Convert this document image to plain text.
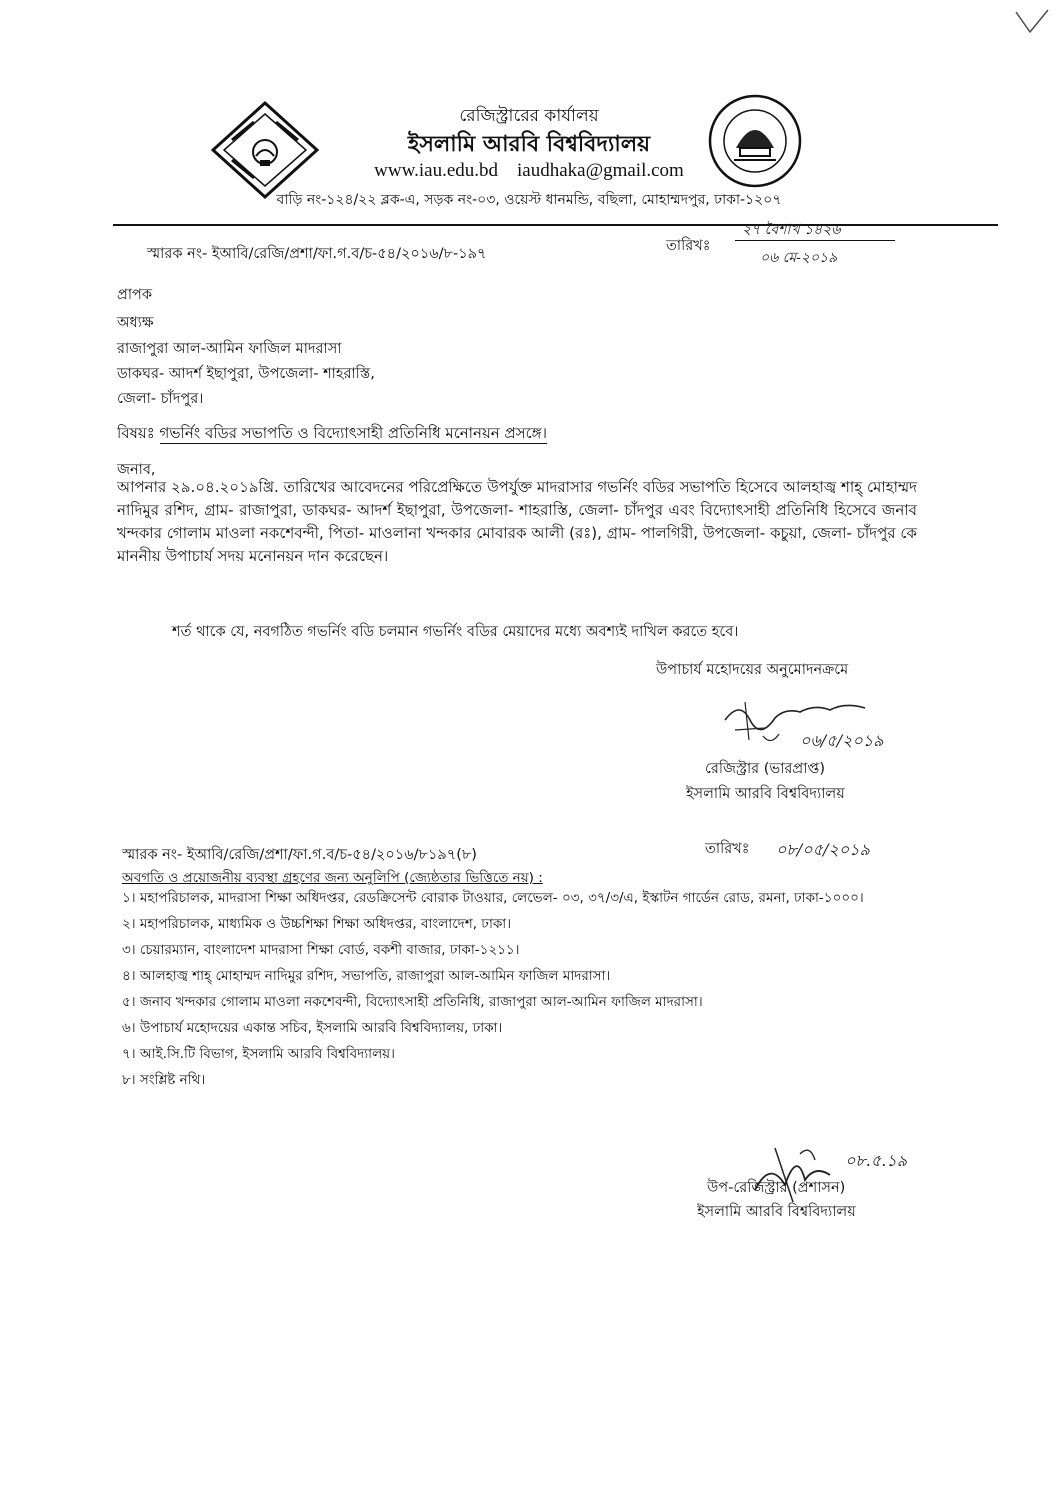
রেজিস্ট্রারের কার্যালয়
ইসলামি আরবি বিশ্ববিদ্যালয়
www.iau.edu.bd iaudhaka@gmail.com
বাড়ি নং-১২৪/২২ ব্লক-এ, সড়ক নং-০৩, ওয়েস্ট ধানমন্ডি, বছিলা, মোহাম্মদপুর, ঢাকা-১২০৭
স্মারক নং- ইআবি/রেজি/প্রশা/ফা.গ.ব/চ-৫৪/২০১৬/৮-১৯৭	তারিখঃ
২৭ বৈশাখ ১৪২৬
০৬ মে-২০১৯
প্রাপক
অধ্যক্ষ
রাজাপুরা আল-আমিন ফাজিল মাদরাসা
ডাকঘর- আদর্শ ইছাপুরা, উপজেলা- শাহরাস্তি,
জেলা- চাঁদপুর।
বিষয়ঃ গভর্নিং বডির সভাপতি ও বিদ্যোৎসাহী প্রতিনিধি মনোনয়ন প্রসঙ্গে।
জনাব,
আপনার ২৯.০৪.২০১৯খ্রি. তারিখের আবেদনের পরিপ্রেক্ষিতে উপর্যুক্ত মাদরাসার গভর্নিং বডির সভাপতি হিসেবে আলহাজ্ব শাহ্‌ মোহাম্মদ নাদিমুর রশিদ, গ্রাম- রাজাপুরা, ডাকঘর- আদর্শ ইছাপুরা, উপজেলা- শাহরাস্তি, জেলা- চাঁদপুর এবং বিদ্যোৎসাহী প্রতিনিধি হিসেবে জনাব খন্দকার গোলাম মাওলা নকশেবন্দী, পিতা- মাওলানা খন্দকার মোবারক আলী (রঃ), গ্রাম- পালগিরী, উপজেলা- কচুয়া, জেলা- চাঁদপুর কে মাননীয় উপাচার্য সদয় মনোনয়ন দান করেছেন।
শর্ত থাকে যে, নবগঠিত গভর্নিং বডি চলমান গভর্নিং বডির মেয়াদের মধ্যে অবশ্যই দাখিল করতে হবে।
উপাচার্য মহোদয়ের অনুমোদনক্রমে
০৬/৫/২০১৯
রেজিস্ট্রার (ভারপ্রাপ্ত)
ইসলামি আরবি বিশ্ববিদ্যালয়
স্মারক নং- ইআবি/রেজি/প্রশা/ফা.গ.ব/চ-৫৪/২০১৬/৮১৯৭(৮)	তারিখঃ ০৮/০৫/২০১৯
অবগতি ও প্রয়োজনীয় ব্যবস্থা গ্রহণের জন্য অনুলিপি (জ্যেষ্ঠতার ভিত্তিতে নয়) :
১। মহাপরিচালক, মাদরাসা শিক্ষা অধিদপ্তর, রেডক্রিসেন্ট বোরাক টাওয়ার, লেভেল- ০৩, ৩৭/৩/এ, ইস্কাটন গার্ডেন রোড, রমনা, ঢাকা-১০০০।
২। মহাপরিচালক, মাধ্যমিক ও উচ্চশিক্ষা শিক্ষা অধিদপ্তর, বাংলাদেশ, ঢাকা।
৩। চেয়ারম্যান, বাংলাদেশ মাদরাসা শিক্ষা বোর্ড, বকশী বাজার, ঢাকা-১২১১।
৪। আলহাজ্ব শাহ্‌ মোহাম্মদ নাদিমুর রশিদ, সভাপতি, রাজাপুরা আল-আমিন ফাজিল মাদরাসা।
৫। জনাব খন্দকার গোলাম মাওলা নকশেবন্দী, বিদ্যোৎসাহী প্রতিনিধি, রাজাপুরা আল-আমিন ফাজিল মাদরাসা।
৬। উপাচার্য মহোদয়ের একান্ত সচিব, ইসলামি আরবি বিশ্ববিদ্যালয়, ঢাকা।
৭। আই.সি.টি বিভাগ, ইসলামি আরবি বিশ্ববিদ্যালয়।
৮। সংশ্লিষ্ট নথি।
০৮.৫.১৯
উপ-রেজিস্ট্রার (প্রশাসন)
ইসলামি আরবি বিশ্ববিদ্যালয়
